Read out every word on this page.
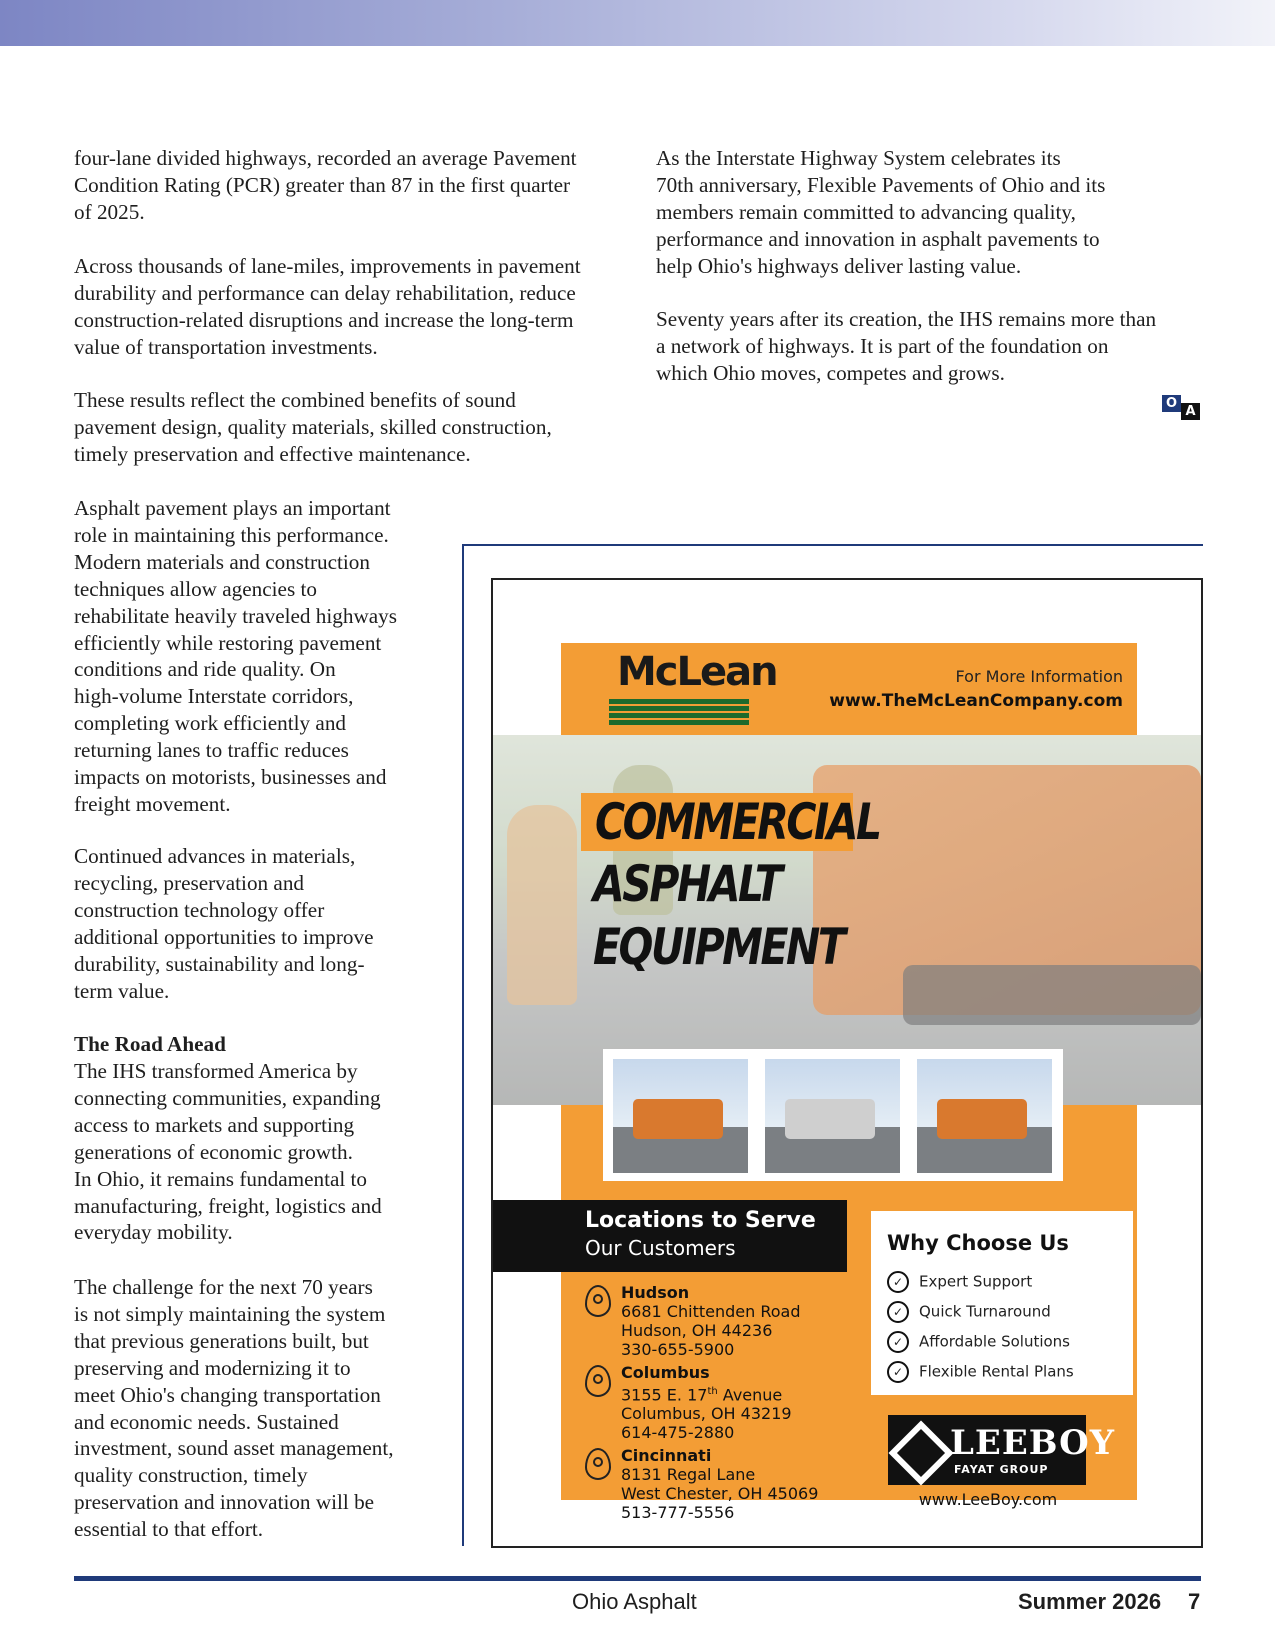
four-lane divided highways, recorded an average Pavement
Condition Rating (PCR) greater than 87 in the first quarter
of 2025.

Across thousands of lane-miles, improvements in pavement
durability and performance can delay rehabilitation, reduce
construction-related disruptions and increase the long-term
value of transportation investments.

These results reflect the combined benefits of sound
pavement design, quality materials, skilled construction,
timely preservation and effective maintenance.

Asphalt pavement plays an important
role in maintaining this performance.
Modern materials and construction
techniques allow agencies to
rehabilitate heavily traveled highways
efficiently while restoring pavement
conditions and ride quality. On
high-volume Interstate corridors,
completing work efficiently and
returning lanes to traffic reduces
impacts on motorists, businesses and
freight movement.

Continued advances in materials,
recycling, preservation and
construction technology offer
additional opportunities to improve
durability, sustainability and long-
term value.

The Road Ahead

The IHS transformed America by
connecting communities, expanding
access to markets and supporting
generations of economic growth.
In Ohio, it remains fundamental to
manufacturing, freight, logistics and
everyday mobility.

The challenge for the next 70 years
is not simply maintaining the system
that previous generations built, but
preserving and modernizing it to
meet Ohio's changing transportation
and economic needs. Sustained
investment, sound asset management,
quality construction, timely
preservation and innovation will be
essential to that effort.

As the Interstate Highway System celebrates its
70th anniversary, Flexible Pavements of Ohio and its
members remain committed to advancing quality,
performance and innovation in asphalt pavements to
help Ohio's highways deliver lasting value.

Seventy years after its creation, the IHS remains more than
a network of highways. It is part of the foundation on
which Ohio moves, competes and grows.

O
A
McLean	For More Information
www.TheMcLeanCompany.com
COMMERCIAL
ASPHALT
EQUIPMENT
Locations to Serve
Our Customers
Hudson
6681 Chittenden Road
Hudson, OH 44236
330-655-5900
Columbus
3155 E. 17th Avenue
Columbus, OH 43219
614-475-2880
Cincinnati
8131 Regal Lane
West Chester, OH 45069
513-777-5556
Why Choose Us
✓ Expert Support
✓ Quick Turnaround
✓ Affordable Solutions
✓ Flexible Rental Plans
LEEBOY
FAYAT GROUP
www.LeeBoy.com
Ohio Asphalt	Summer 2026 7
